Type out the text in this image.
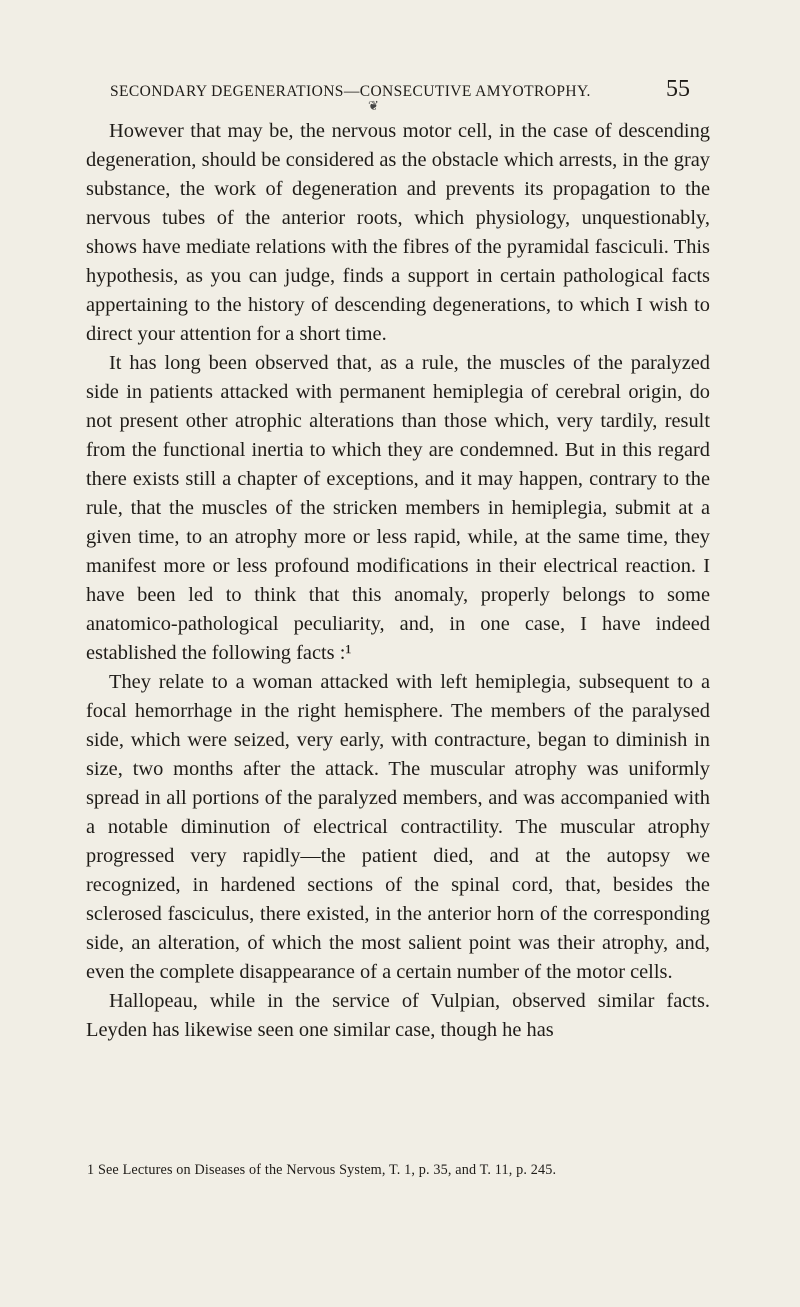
SECONDARY DEGENERATIONS—CONSECUTIVE AMYOTROPHY.	55
❦

However that may be, the nervous motor cell, in the case of descending degeneration, should be considered as the obstacle which arrests, in the gray substance, the work of degeneration and prevents its propagation to the nervous tubes of the anterior roots, which physiology, unquestionably, shows have mediate relations with the fibres of the pyramidal fasciculi. This hypothesis, as you can judge, finds a support in certain pathological facts appertaining to the history of descending degenerations, to which I wish to direct your attention for a short time.

It has long been observed that, as a rule, the muscles of the paralyzed side in patients attacked with permanent hemiplegia of cerebral origin, do not present other atrophic alterations than those which, very tardily, result from the functional inertia to which they are condemned. But in this regard there exists still a chapter of exceptions, and it may happen, contrary to the rule, that the muscles of the stricken members in hemiplegia, submit at a given time, to an atrophy more or less rapid, while, at the same time, they manifest more or less profound modifications in their electrical reaction. I have been led to think that this anomaly, properly belongs to some anatomico-pathological peculiarity, and, in one case, I have indeed established the following facts :¹

They relate to a woman attacked with left hemiplegia, subsequent to a focal hemorrhage in the right hemisphere. The members of the paralysed side, which were seized, very early, with contracture, began to diminish in size, two months after the attack. The muscular atrophy was uniformly spread in all portions of the paralyzed members, and was accompanied with a notable diminution of electrical contractility. The muscular atrophy progressed very rapidly—the patient died, and at the autopsy we recognized, in hardened sections of the spinal cord, that, besides the sclerosed fasciculus, there existed, in the anterior horn of the corresponding side, an alteration, of which the most salient point was their atrophy, and, even the complete disappearance of a certain number of the motor cells.

Hallopeau, while in the service of Vulpian, observed similar facts. Leyden has likewise seen one similar case, though he has

1 See Lectures on Diseases of the Nervous System, T. 1, p. 35, and T. 11, p. 245.
